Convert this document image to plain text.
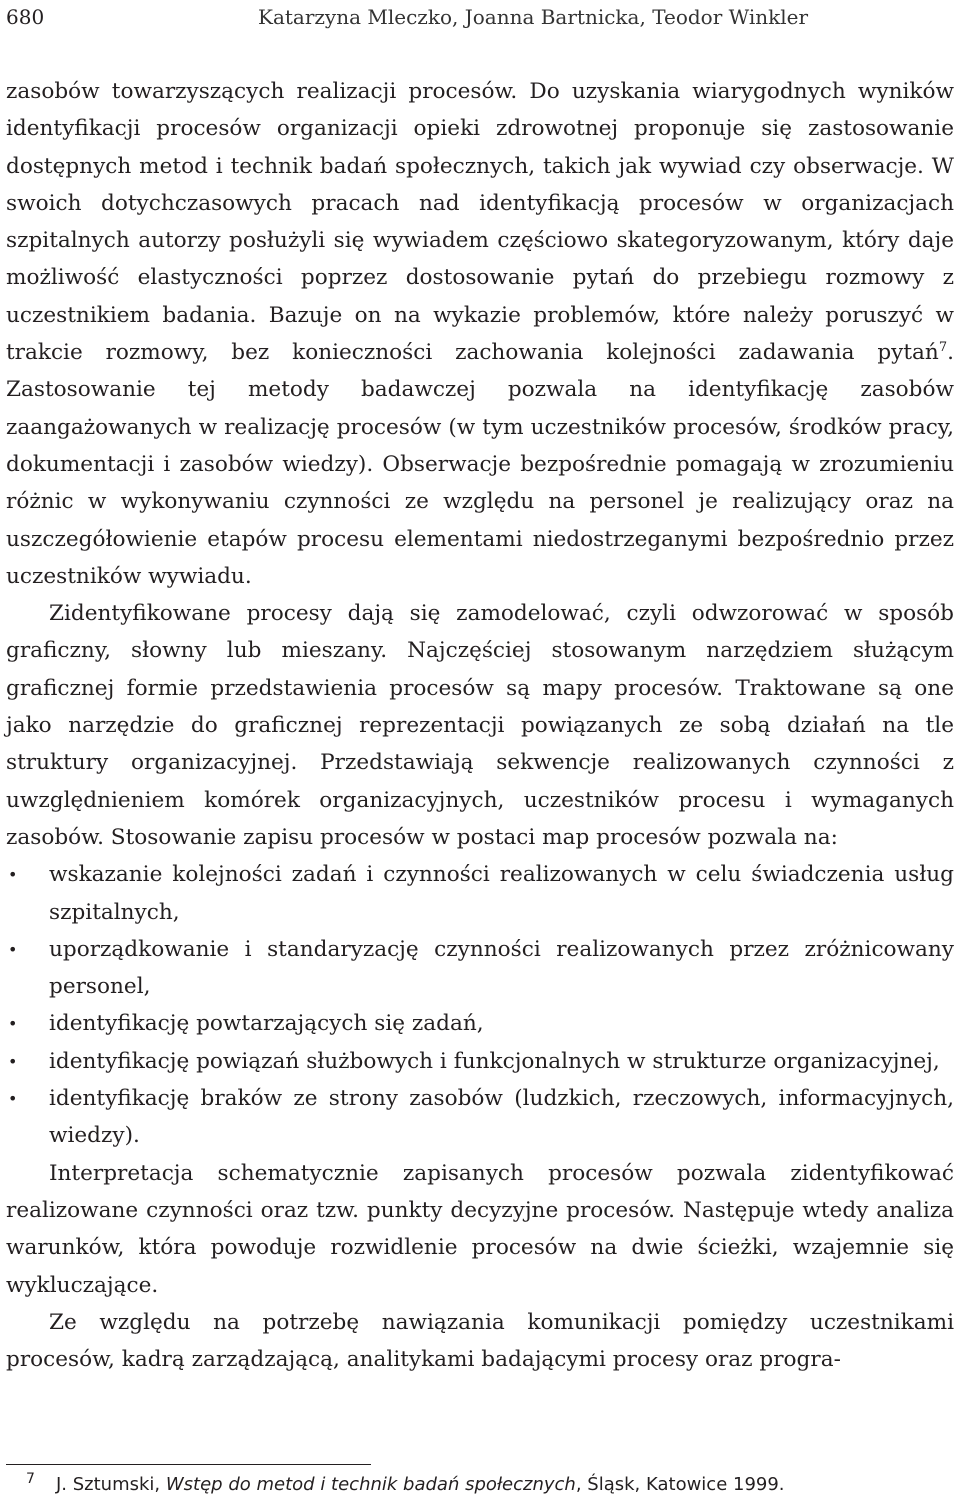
680	Katarzyna Mleczko, Joanna Bartnicka, Teodor Winkler

zasobów towarzyszących realizacji procesów. Do uzyskania wiarygodnych wyników identyfikacji procesów organizacji opieki zdrowotnej proponuje się zastosowanie dostępnych metod i technik badań społecznych, takich jak wywiad czy obserwacje. W swoich dotychczasowych pracach nad identyfikacją procesów w organizacjach szpitalnych autorzy posłużyli się wywiadem częściowo skategoryzowanym, który daje możliwość elastyczności poprzez dostosowanie pytań do przebiegu rozmowy z uczestnikiem badania. Bazuje on na wykazie problemów, które należy poruszyć w trakcie rozmowy, bez konieczności zachowania kolejności zadawania pytań$^7$. Zastosowanie tej metody badawczej pozwala na identyfikację zasobów zaangażowanych w realizację procesów (w tym uczestników procesów, środków pracy, dokumentacji i zasobów wiedzy). Obserwacje bezpośrednie pomagają w zrozumieniu różnic w wykonywaniu czynności ze względu na personel je realizujący oraz na uszczegółowienie etapów procesu elementami niedostrzeganymi bezpośrednio przez uczestników wywiadu.

Zidentyfikowane procesy dają się zamodelować, czyli odwzorować w sposób graficzny, słowny lub mieszany. Najczęściej stosowanym narzędziem służącym graficznej formie przedstawienia procesów są mapy procesów. Traktowane są one jako narzędzie do graficznej reprezentacji powiązanych ze sobą działań na tle struktury organizacyjnej. Przedstawiają sekwencje realizowanych czynności z uwzględnieniem komórek organizacyjnych, uczestników procesu i wymaganych zasobów. Stosowanie zapisu procesów w postaci map procesów pozwala na:

• wskazanie kolejności zadań i czynności realizowanych w celu świadczenia usług szpitalnych,
• uporządkowanie i standaryzację czynności realizowanych przez zróżnicowany personel,
• identyfikację powtarzających się zadań,
• identyfikację powiązań służbowych i funkcjonalnych w strukturze organizacyjnej,
• identyfikację braków ze strony zasobów (ludzkich, rzeczowych, informacyjnych, wiedzy).

Interpretacja schematycznie zapisanych procesów pozwala zidentyfikować realizowane czynności oraz tzw. punkty decyzyjne procesów. Następuje wtedy analiza warunków, która powoduje rozwidlenie procesów na dwie ścieżki, wzajemnie się wykluczające.

Ze względu na potrzebę nawiązania komunikacji pomiędzy uczestnikami procesów, kadrą zarządzającą, analitykami badającymi procesy oraz progra-

7 J. Sztumski, Wstęp do metod i technik badań społecznych, Śląsk, Katowice 1999.
